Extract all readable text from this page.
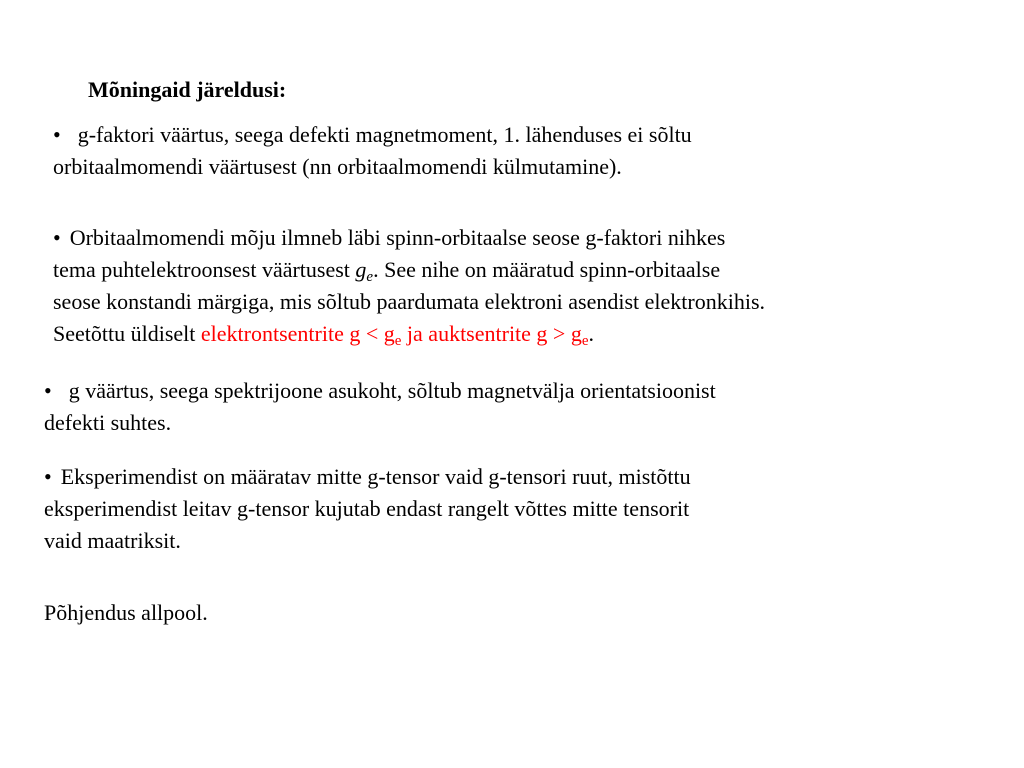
Mõningaid järeldusi:
• g-faktori väärtus, seega defekti magnetmoment, 1. lähenduses ei sõltu
orbitaalmomendi väärtusest (nn orbitaalmomendi külmutamine).
• Orbitaalmomendi mõju ilmneb läbi spinn-orbitaalse seose g-faktori nihkes
tema puhtelektroonsest väärtusest $g_e$. See nihe on määratud spinn-orbitaalse
seose konstandi märgiga, mis sõltub paardumata elektroni asendist elektronkihis.
Seetõttu üldiselt elektrontsentrite $g < g_e$ ja auktsentrite $g > g_e$.
• g väärtus, seega spektrijoone asukoht, sõltub magnetvälja orientatsioonist
defekti suhtes.
• Eksperimendist on määratav mitte g-tensor vaid g-tensori ruut, mistõttu
eksperimendist leitav g-tensor kujutab endast rangelt võttes mitte tensorit
vaid maatriksit.
Põhjendus allpool.
